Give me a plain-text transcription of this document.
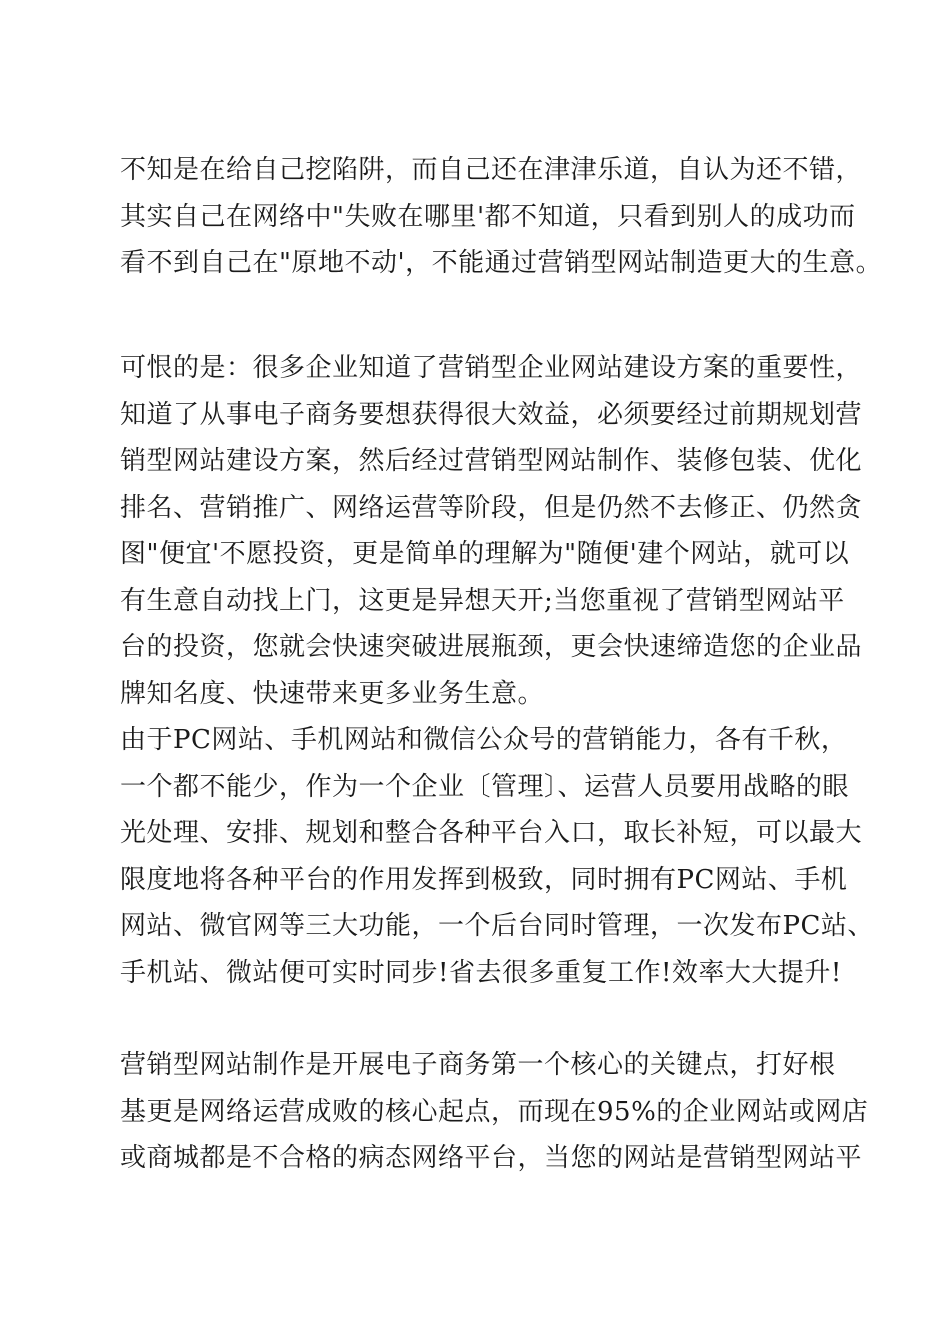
不知是在给自己挖陷阱，而自己还在津津乐道，自认为还不错，
其实自己在网络中"失败在哪里'都不知道，只看到别人的成功而
看不到自己在"原地不动'，不能通过营销型网站制造更大的生意。
可恨的是：很多企业知道了营销型企业网站建设方案的重要性，
知道了从事电子商务要想获得很大效益，必须要经过前期规划营
销型网站建设方案，然后经过营销型网站制作、装修包装、优化
排名、营销推广、网络运营等阶段，但是仍然不去修正、仍然贪
图"便宜'不愿投资，更是简单的理解为"随便'建个网站，就可以
有生意自动找上门，这更是异想天开;当您重视了营销型网站平
台的投资，您就会快速突破进展瓶颈，更会快速缔造您的企业品
牌知名度、快速带来更多业务生意。
由于PC网站、手机网站和微信公众号的营销能力，各有千秋，
一个都不能少，作为一个企业〔管理〕、运营人员要用战略的眼
光处理、安排、规划和整合各种平台入口，取长补短，可以最大
限度地将各种平台的作用发挥到极致，同时拥有PC网站、手机
网站、微官网等三大功能，一个后台同时管理，一次发布PC站、
手机站、微站便可实时同步!省去很多重复工作!效率大大提升!
营销型网站制作是开展电子商务第一个核心的关键点，打好根
基更是网络运营成败的核心起点，而现在95%的企业网站或网店
或商城都是不合格的病态网络平台，当您的网站是营销型网站平
